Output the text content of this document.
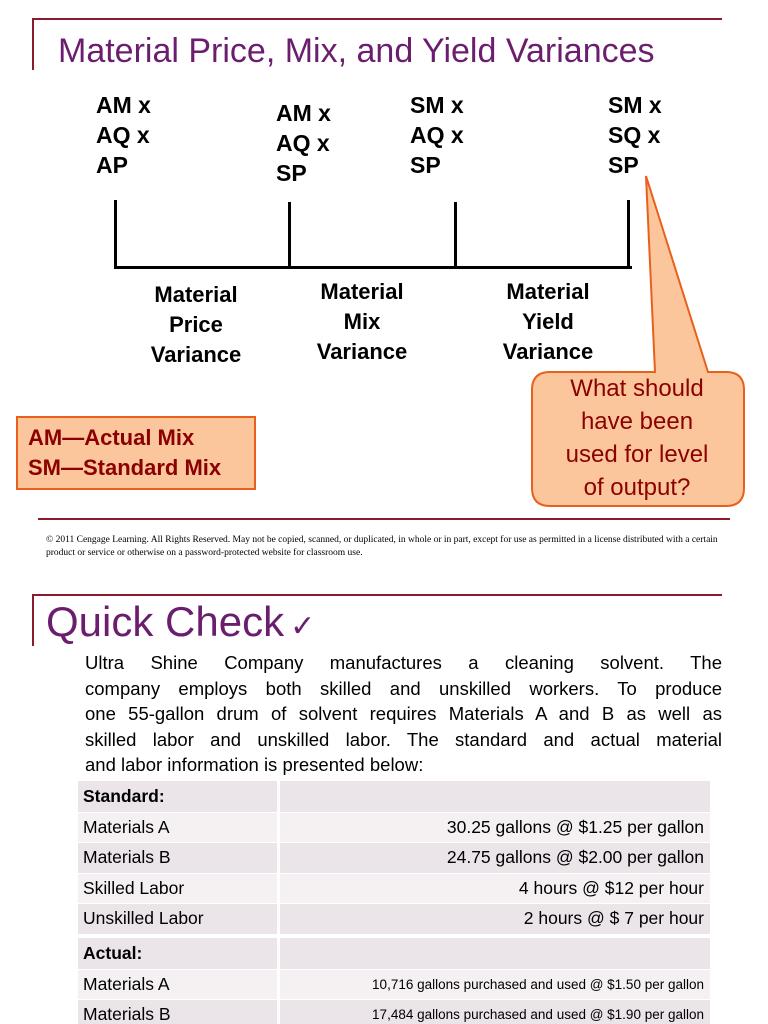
Material Price, Mix, and Yield Variances
AM x
AQ x
AP
AM x
AQ x
SP
SM x
AQ x
SP
SM x
SQ x
SP
Material
Price
Variance
Material
Mix
Variance
Material
Yield
Variance
AM—Actual Mix
SM—Standard Mix
What should
have been
used for level
of output?
© 2011 Cengage Learning. All Rights Reserved. May not be copied, scanned, or duplicated, in whole or in part, except for use as permitted in a license distributed with a certain product or service or otherwise on a password-protected website for classroom use.
Quick Check ✓
Ultra Shine Company manufactures a cleaning solvent. The
company employs both skilled and unskilled workers. To produce
one 55-gallon drum of solvent requires Materials A and B as well as
skilled labor and unskilled labor. The standard and actual material
and labor information is presented below:
Standard:
Materials A	30.25 gallons @ $1.25 per gallon
Materials B	24.75 gallons @ $2.00 per gallon
Skilled Labor	4 hours @ $12 per hour
Unskilled Labor	2 hours @ $ 7 per hour
Actual:
Materials A	10,716 gallons purchased and used @ $1.50 per gallon
Materials B	17,484 gallons purchased and used @ $1.90 per gallon
